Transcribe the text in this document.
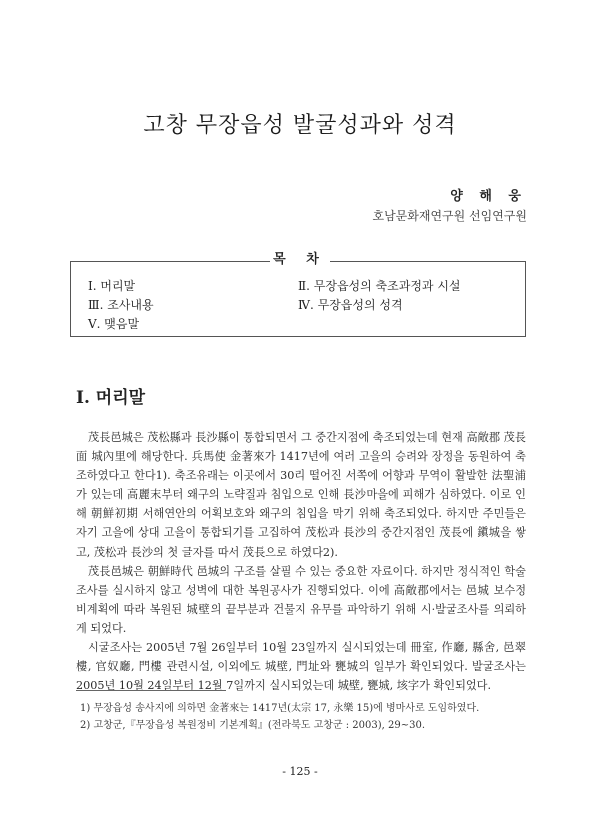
고창 무장읍성 발굴성과와 성격
양 해 웅
호남문화재연구원 선임연구원
목 차
Ⅰ. 머리말	Ⅱ. 무장읍성의 축조과정과 시설
Ⅲ. 조사내용	Ⅳ. 무장읍성의 성격
Ⅴ. 맺음말
Ⅰ. 머리말

茂長邑城은 茂松縣과 長沙縣이 통합되면서 그 중간지점에 축조되었는데 현재 高敞郡 茂長面 城內里에 해당한다. 兵馬使 金著來가 1417년에 여러 고을의 승려와 장정을 동원하여 축조하였다고 한다1). 축조유래는 이곳에서 30리 떨어진 서쪽에 어향과 무역이 활발한 法聖浦가 있는데 高麗末부터 왜구의 노략질과 침입으로 인해 長沙마을에 피해가 심하였다. 이로 인해 朝鮮初期 서해연안의 어획보호와 왜구의 침입을 막기 위해 축조되었다. 하지만 주민들은 자기 고을에 상대 고을이 통합되기를 고집하여 茂松과 長沙의 중간지점인 茂長에 鎭城을 쌓고, 茂松과 長沙의 첫 글자를 따서 茂長으로 하였다2).

茂長邑城은 朝鮮時代 邑城의 구조를 살필 수 있는 중요한 자료이다. 하지만 정식적인 학술조사를 실시하지 않고 성벽에 대한 복원공사가 진행되었다. 이에 高敞郡에서는 邑城 보수정비계획에 따라 복원된 城壁의 끝부분과 건물지 유무를 파악하기 위해 시·발굴조사를 의뢰하게 되었다.

시굴조사는 2005년 7월 26일부터 10월 23일까지 실시되었는데 冊室, 作廳, 縣舍, 邑翠樓, 官奴廳, 門樓 관련시설, 이외에도 城壁, 門址와 甕城의 일부가 확인되었다. 발굴조사는 2005년 10월 24일부터 12월 7일까지 실시되었는데 城壁, 甕城, 垓字가 확인되었다.

1) 무장읍성 송사지에 의하면 金著來는 1417년(太宗 17, 永樂 15)에 병마사로 도임하였다.
2) 고창군,『무장읍성 복원정비 기본계획』(전라북도 고창군 : 2003), 29~30.
- 125 -
